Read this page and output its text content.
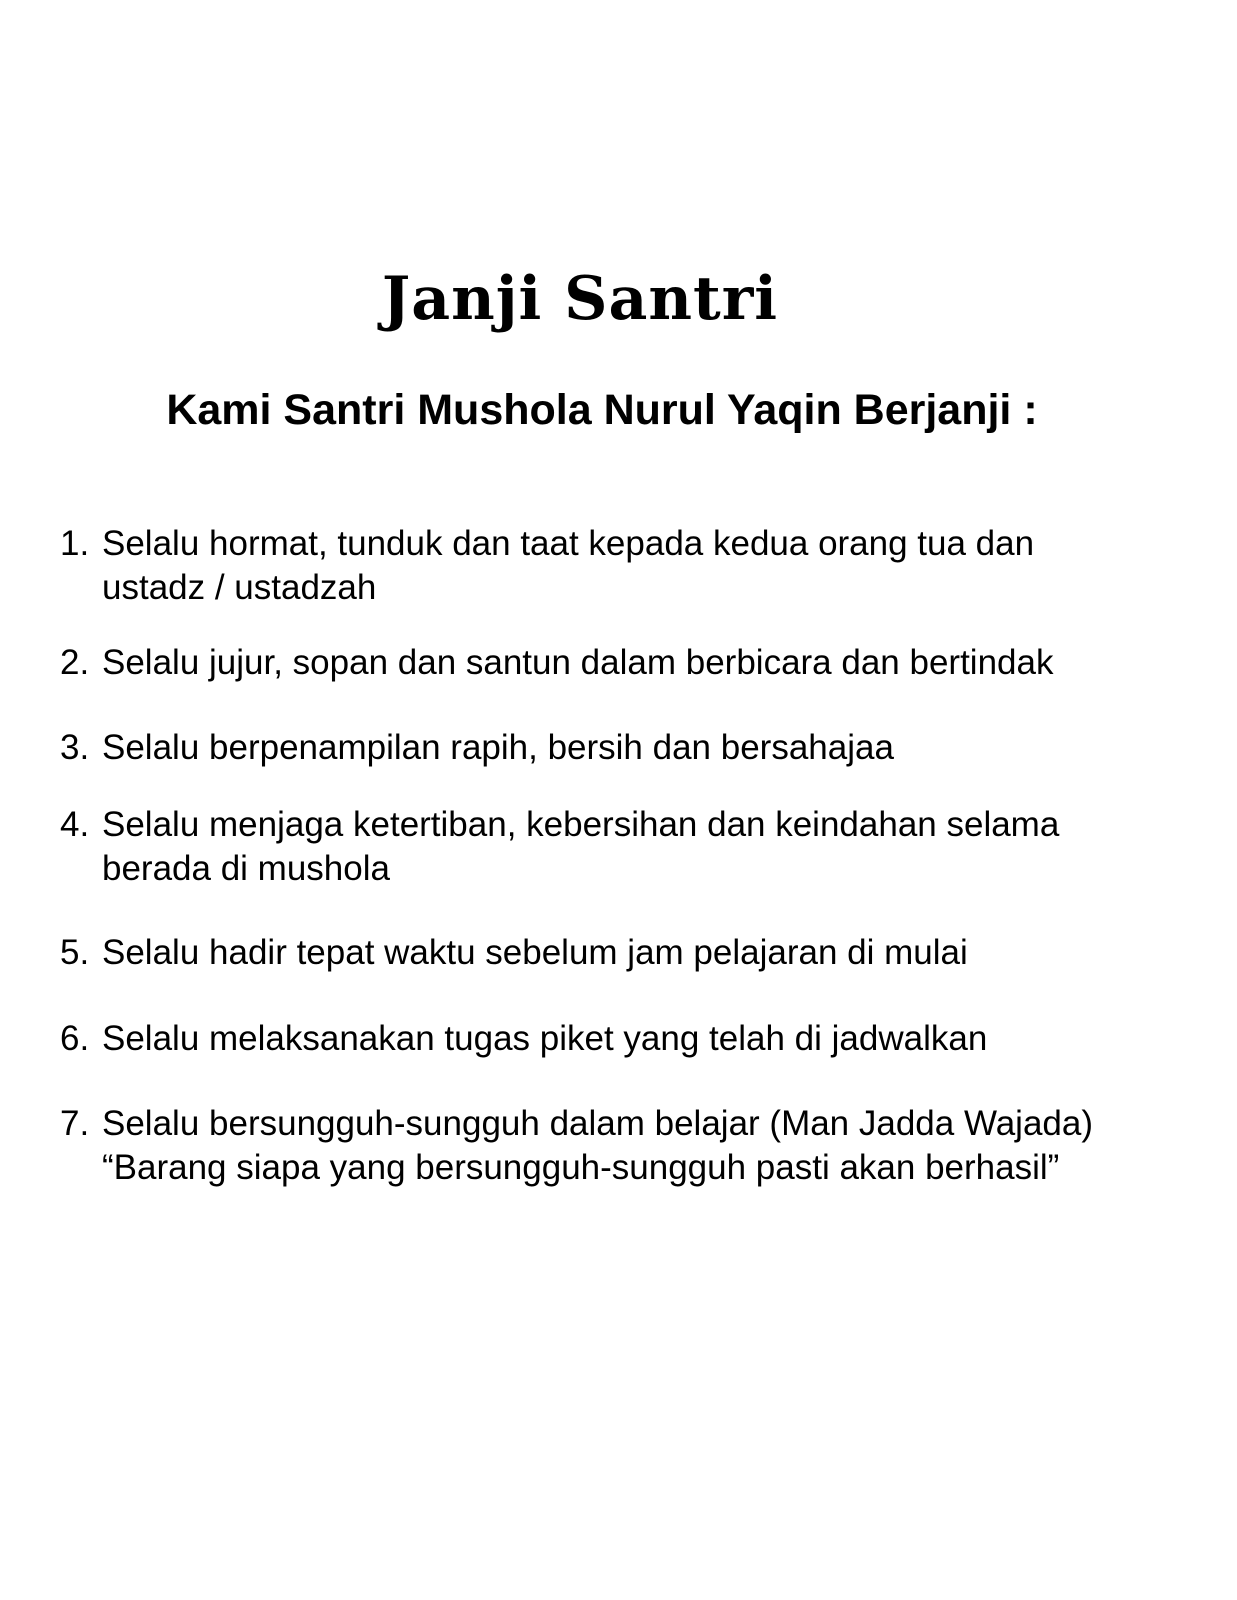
Janji Santri
Kami Santri Mushola Nurul Yaqin Berjanji :
1. Selalu hormat, tunduk dan taat kepada kedua orang tua dan
ustadz / ustadzah
2. Selalu jujur, sopan dan santun dalam berbicara dan bertindak
3. Selalu berpenampilan rapih, bersih dan bersahajaa
4. Selalu menjaga ketertiban, kebersihan dan keindahan selama
berada di mushola
5. Selalu hadir tepat waktu sebelum jam pelajaran di mulai
6. Selalu melaksanakan tugas piket yang telah di jadwalkan
7. Selalu bersungguh-sungguh dalam belajar (Man Jadda Wajada)
“Barang siapa yang bersungguh-sungguh pasti akan berhasil”
